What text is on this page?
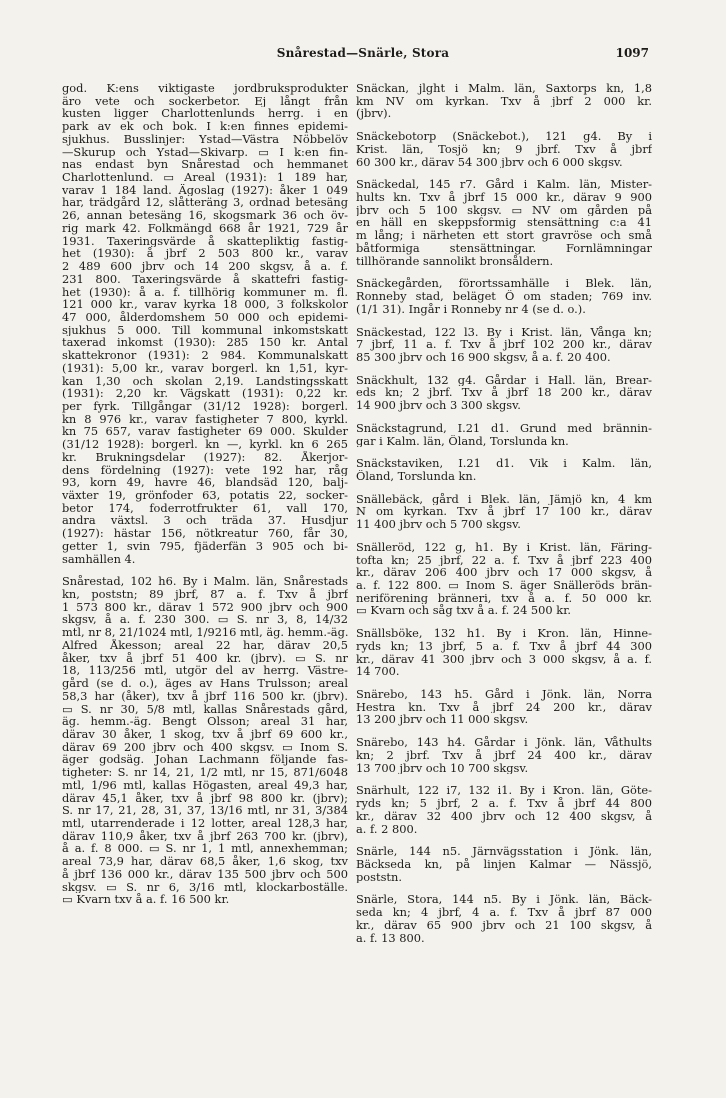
Snårestad—Snärle, Stora	1097
god. K:ens viktigaste jordbruksprodukter
äro vete och sockerbetor. Ej långt från
kusten ligger Charlottenlunds herrg. i en
park av ek och bok. I k:en finnes epidemi-
sjukhus. Busslinjer: Ystad—Västra Nöbbelöv
—Skurup och Ystad—Skivarp. ▭ I k:en fin-
nas endast byn Snårestad och hemmanet
Charlottenlund. ▭ Areal (1931): 1 189 har,
varav 1 184 land. Ägoslag (1927): åker 1 049
har, trädgård 12, slåtteräng 3, ordnad betesäng
26, annan betesäng 16, skogsmark 36 och öv-
rig mark 42. Folkmängd 668 år 1921, 729 år
1931. Taxeringsvärde å skattepliktig fastig-
het (1930): å jbrf 2 503 800 kr., varav
2 489 600 jbrv och 14 200 skgsv, å a. f.
231 800. Taxeringsvärde å skattefri fastig-
het (1930): å a. f. tillhörig kommuner m. fl.
121 000 kr., varav kyrka 18 000, 3 folkskolor
47 000, ålderdomshem 50 000 och epidemi-
sjukhus 5 000. Till kommunal inkomstskatt
taxerad inkomst (1930): 285 150 kr. Antal
skattekronor (1931): 2 984. Kommunalskatt
(1931): 5,00 kr., varav borgerl. kn 1,51, kyr-
kan 1,30 och skolan 2,19. Landstingsskatt
(1931): 2,20 kr. Vägskatt (1931): 0,22 kr.
per fyrk. Tillgångar (31/12 1928): borgerl.
kn 8 976 kr., varav fastigheter 7 800, kyrkl.
kn 75 657, varav fastigheter 69 000. Skulder
(31/12 1928): borgerl. kn —, kyrkl. kn 6 265
kr. Brukningsdelar (1927): 82. Åkerjor-
dens fördelning (1927): vete 192 har, råg
93, korn 49, havre 46, blandsäd 120, balj-
växter 19, grönfoder 63, potatis 22, socker-
betor 174, foderrotfrukter 61, vall 170,
andra växtsl. 3 och träda 37. Husdjur
(1927): hästar 156, nötkreatur 760, får 30,
getter 1, svin 795, fjäderfän 3 905 och bi-
samhällen 4.
Snårestad, 102 h6. By i Malm. län, Snårestads
kn, poststn; 89 jbrf, 87 a. f. Txv å jbrf
1 573 800 kr., därav 1 572 900 jbrv och 900
skgsv, å a. f. 230 300. ▭ S. nr 3, 8, 14/32
mtl, nr 8, 21/1024 mtl, 1/9216 mtl, äg. hemm.-äg.
Alfred Åkesson; areal 22 har, därav 20,5
åker, txv å jbrf 51 400 kr. (jbrv). ▭ S. nr
18, 113/256 mtl, utgör del av herrg. Västre-
gård (se d. o.), äges av Hans Trulsson; areal
58,3 har (åker), txv å jbrf 116 500 kr. (jbrv).
▭ S. nr 30, 5/8 mtl, kallas Snårestads gård,
äg. hemm.-äg. Bengt Olsson; areal 31 har,
därav 30 åker, 1 skog, txv å jbrf 69 600 kr.,
därav 69 200 jbrv och 400 skgsv. ▭ Inom S.
äger godsäg. Johan Lachmann följande fas-
tigheter: S. nr 14, 21, 1/2 mtl, nr 15, 871/6048
mtl, 1/96 mtl, kallas Högasten, areal 49,3 har,
därav 45,1 åker, txv å jbrf 98 800 kr. (jbrv);
S. nr 17, 21, 28, 31, 37, 13/16 mtl, nr 31, 3/384
mtl, utarrenderade i 12 lotter, areal 128,3 har,
därav 110,9 åker, txv å jbrf 263 700 kr. (jbrv),
å a. f. 8 000. ▭ S. nr 1, 1 mtl, annexhemman;
areal 73,9 har, därav 68,5 åker, 1,6 skog, txv
å jbrf 136 000 kr., därav 135 500 jbrv och 500
skgsv. ▭ S. nr 6, 3/16 mtl, klockarboställe.
▭ Kvarn txv å a. f. 16 500 kr.
Snäckan, jlght i Malm. län, Saxtorps kn, 1,8
km NV om kyrkan. Txv å jbrf 2 000 kr.
(jbrv).
Snäckebotorp (Snäckebot.), 121 g4. By i
Krist. län, Tosjö kn; 9 jbrf. Txv å jbrf
60 300 kr., därav 54 300 jbrv och 6 000 skgsv.
Snäckedal, 145 r7. Gård i Kalm. län, Mister-
hults kn. Txv å jbrf 15 000 kr., därav 9 900
jbrv och 5 100 skgsv. ▭ NV om gården på
en häll en skeppsformig stensättning c:a 41
m lång; i närheten ett stort gravröse och små
båtformiga stensättningar. Fornlämningar
tillhörande sannolikt bronsåldern.
Snäckegården, förortssamhälle i Blek. län,
Ronneby stad, beläget Ö om staden; 769 inv.
(1/1 31). Ingår i Ronneby nr 4 (se d. o.).
Snäckestad, 122 l3. By i Krist. län, Vånga kn;
7 jbrf, 11 a. f. Txv å jbrf 102 200 kr., därav
85 300 jbrv och 16 900 skgsv, å a. f. 20 400.
Snäckhult, 132 g4. Gårdar i Hall. län, Brear-
eds kn; 2 jbrf. Txv å jbrf 18 200 kr., därav
14 900 jbrv och 3 300 skgsv.
Snäckstagrund, I.21 d1. Grund med brännin-
gar i Kalm. län, Öland, Torslunda kn.
Snäckstaviken, I.21 d1. Vik i Kalm. län,
Öland, Torslunda kn.
Snällebäck, gård i Blek. län, Jämjö kn, 4 km
N om kyrkan. Txv å jbrf 17 100 kr., därav
11 400 jbrv och 5 700 skgsv.
Snälleröd, 122 g, h1. By i Krist. län, Färing-
tofta kn; 25 jbrf, 22 a. f. Txv å jbrf 223 400
kr., därav 206 400 jbrv och 17 000 skgsv, å
a. f. 122 800. ▭ Inom S. äger Snälleröds brän-
neriförening bränneri, txv å a. f. 50 000 kr.
▭ Kvarn och såg txv å a. f. 24 500 kr.
Snällsböke, 132 h1. By i Kron. län, Hinne-
ryds kn; 13 jbrf, 5 a. f. Txv å jbrf 44 300
kr., därav 41 300 jbrv och 3 000 skgsv, å a. f.
14 700.
Snärebo, 143 h5. Gård i Jönk. län, Norra
Hestra kn. Txv å jbrf 24 200 kr., därav
13 200 jbrv och 11 000 skgsv.
Snärebo, 143 h4. Gårdar i Jönk. län, Våthults
kn; 2 jbrf. Txv å jbrf 24 400 kr., därav
13 700 jbrv och 10 700 skgsv.
Snärhult, 122 i7, 132 i1. By i Kron. län, Göte-
ryds kn; 5 jbrf, 2 a. f. Txv å jbrf 44 800
kr., därav 32 400 jbrv och 12 400 skgsv, å
a. f. 2 800.
Snärle, 144 n5. Järnvägsstation i Jönk. län,
Bäckseda kn, på linjen Kalmar — Nässjö,
poststn.
Snärle, Stora, 144 n5. By i Jönk. län, Bäck-
seda kn; 4 jbrf, 4 a. f. Txv å jbrf 87 000
kr., därav 65 900 jbrv och 21 100 skgsv, å
a. f. 13 800.
